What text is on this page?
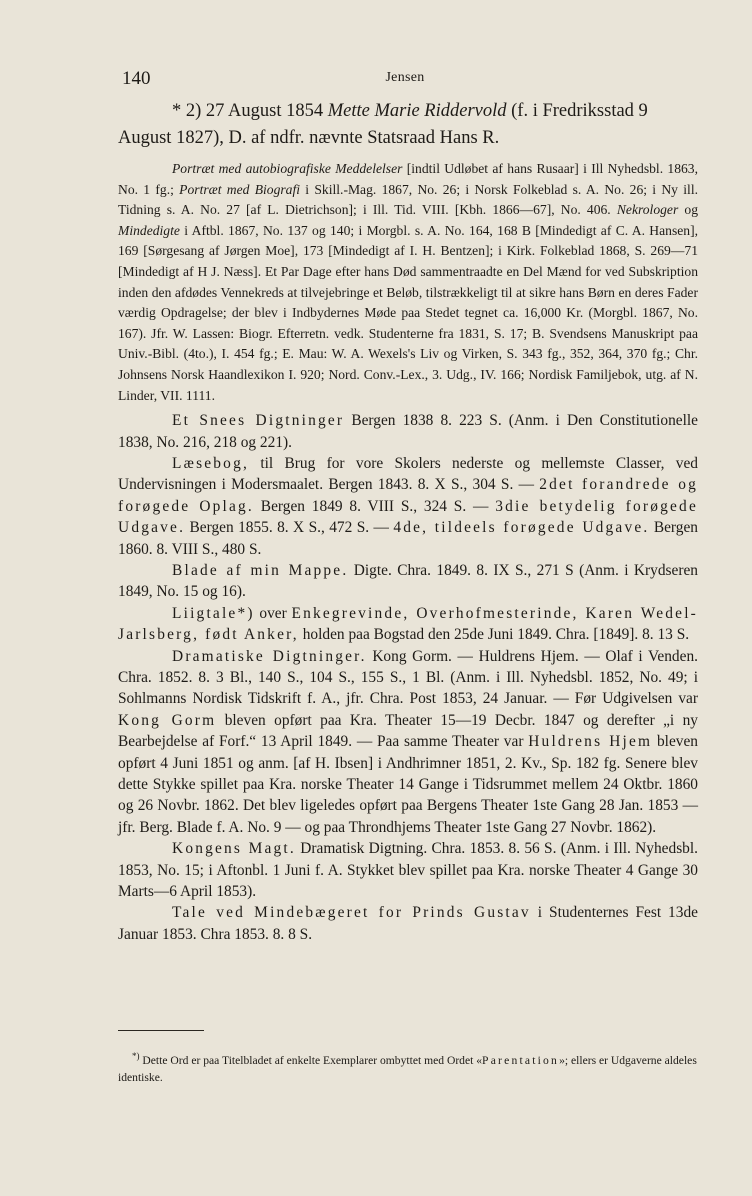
140	Jensen

* 2) 27 August 1854 Mette Marie Riddervold (f. i Fredriksstad 9 August 1827), D. af ndfr. nævnte Statsraad Hans R.

Portræt med autobiografiske Meddelelser [indtil Udløbet af hans Rusaar] i Ill Nyhedsbl. 1863, No. 1 fg.; Portræt med Biografi i Skill.-Mag. 1867, No. 26; i Norsk Folkeblad s. A. No. 26; i Ny ill. Tidning s. A. No. 27 [af L. Dietrichson]; i Ill. Tid. VIII. [Kbh. 1866—67], No. 406. Nekrologer og Mindedigte i Aftbl. 1867, No. 137 og 140; i Morgbl. s. A. No. 164, 168 B [Mindedigt af C. A. Hansen], 169 [Sørgesang af Jørgen Moe], 173 [Mindedigt af I. H. Bentzen]; i Kirk. Folkeblad 1868, S. 269—71 [Mindedigt af H J. Næss]. Et Par Dage efter hans Død sammentraadte en Del Mænd for ved Subskription inden den afdødes Vennekreds at tilvejebringe et Beløb, tilstrækkeligt til at sikre hans Børn en deres Fader værdig Opdragelse; der blev i Indbydernes Møde paa Stedet tegnet ca. 16,000 Kr. (Morgbl. 1867, No. 167). Jfr. W. Lassen: Biogr. Efterretn. vedk. Studenterne fra 1831, S. 17; B. Svendsens Manuskript paa Univ.-Bibl. (4to.), I. 454 fg.; E. Mau: W. A. Wexels's Liv og Virken, S. 343 fg., 352, 364, 370 fg.; Chr. Johnsens Norsk Haandlexikon I. 920; Nord. Conv.-Lex., 3. Udg., IV. 166; Nordisk Familjebok, utg. af N. Linder, VII. 1111.

Et Snees Digtninger Bergen 1838 8. 223 S. (Anm. i Den Constitutionelle 1838, No. 216, 218 og 221).

Læsebog, til Brug for vore Skolers nederste og mellemste Classer, ved Undervisningen i Modersmaalet. Bergen 1843. 8. X S., 304 S. — 2det forandrede og forøgede Oplag. Bergen 1849 8. VIII S., 324 S. — 3die betydelig forøgede Udgave. Bergen 1855. 8. X S., 472 S. — 4de, tildeels forøgede Udgave. Bergen 1860. 8. VIII S., 480 S.

Blade af min Mappe. Digte. Chra. 1849. 8. IX S., 271 S (Anm. i Krydseren 1849, No. 15 og 16).

Liigtale*) over Enkegrevinde, Overhofmesterinde, Karen Wedel-Jarlsberg, født Anker, holden paa Bogstad den 25de Juni 1849. Chra. [1849]. 8. 13 S.

Dramatiske Digtninger. Kong Gorm. — Huldrens Hjem. — Olaf i Venden. Chra. 1852. 8. 3 Bl., 140 S., 104 S., 155 S., 1 Bl. (Anm. i Ill. Nyhedsbl. 1852, No. 49; i Sohlmanns Nordisk Tidskrift f. A., jfr. Chra. Post 1853, 24 Januar. — Før Udgivelsen var Kong Gorm bleven opført paa Kra. Theater 15—19 Decbr. 1847 og derefter „i ny Bearbejdelse af Forf.“ 13 April 1849. — Paa samme Theater var Huldrens Hjem bleven opført 4 Juni 1851 og anm. [af H. Ibsen] i Andhrimner 1851, 2. Kv., Sp. 182 fg. Senere blev dette Stykke spillet paa Kra. norske Theater 14 Gange i Tidsrummet mellem 24 Oktbr. 1860 og 26 Novbr. 1862. Det blev ligeledes opført paa Bergens Theater 1ste Gang 28 Jan. 1853 — jfr. Berg. Blade f. A. No. 9 — og paa Throndhjems Theater 1ste Gang 27 Novbr. 1862).

Kongens Magt. Dramatisk Digtning. Chra. 1853. 8. 56 S. (Anm. i Ill. Nyhedsbl. 1853, No. 15; i Aftonbl. 1 Juni f. A. Stykket blev spillet paa Kra. norske Theater 4 Gange 30 Marts—6 April 1853).

Tale ved Mindebægeret for Prinds Gustav i Studenternes Fest 13de Januar 1853. Chra 1853. 8. 8 S.

*) Dette Ord er paa Titelbladet af enkelte Exemplarer ombyttet med Ordet «Parentation»; ellers er Udgaverne aldeles identiske.
